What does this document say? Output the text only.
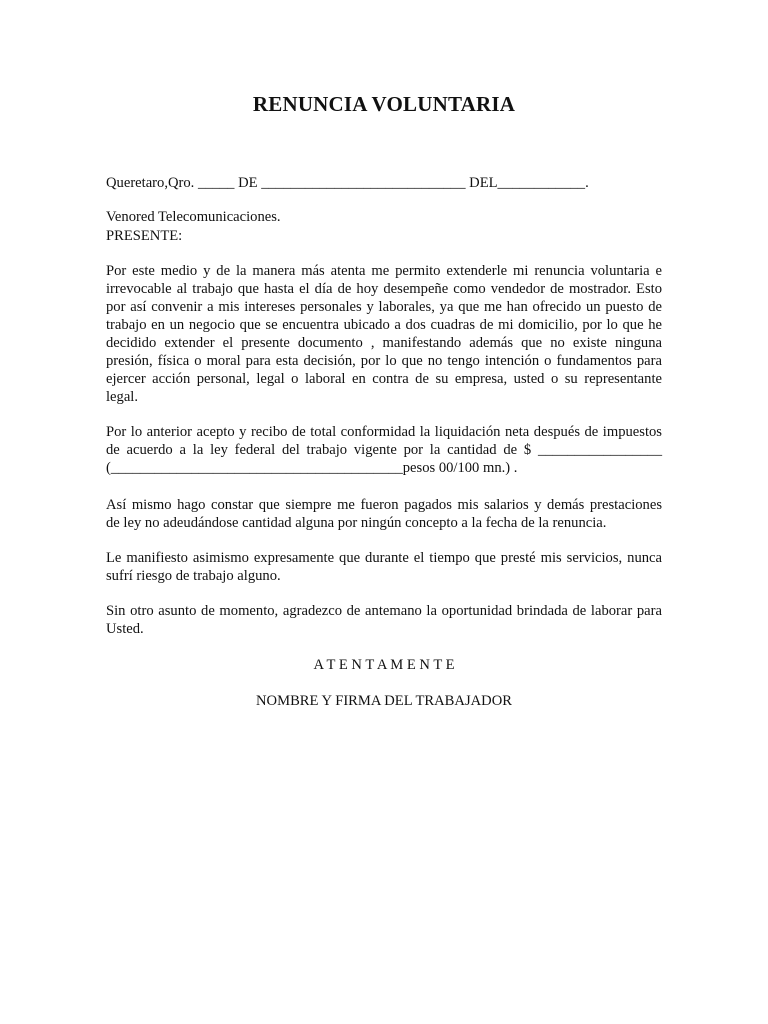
RENUNCIA VOLUNTARIA
Queretaro,Qro. _____ DE ____________________________ DEL____________.
Venored Telecomunicaciones.
PRESENTE:
Por este medio y de la manera más atenta me permito extenderle mi renuncia voluntaria e
irrevocable al trabajo que hasta el día de hoy desempeñe como vendedor de mostrador. Esto
por así convenir a mis intereses personales y laborales, ya que me han ofrecido un puesto de
trabajo en un negocio que se encuentra ubicado a dos cuadras de mi domicilio, por lo que he
decidido extender el presente documento , manifestando además que no existe ninguna
presión, física o moral para esta decisión, por lo que no tengo intención o fundamentos para
ejercer acción personal, legal o laboral en contra de su empresa, usted o su representante
legal.
Por lo anterior acepto y recibo de total conformidad la liquidación neta después de impuestos
de acuerdo a la ley federal del trabajo vigente por la cantidad de $ _________________
(________________________________________pesos 00/100 mn.) .
Así mismo hago constar que siempre me fueron pagados mis salarios y demás prestaciones
de ley no adeudándose cantidad alguna por ningún concepto a la fecha de la renuncia.
Le manifiesto asimismo expresamente que durante el tiempo que presté mis servicios, nunca
sufrí riesgo de trabajo alguno.
Sin otro asunto de momento, agradezco de antemano la oportunidad brindada de laborar para
Usted.
A T E N T A M E N T E
NOMBRE Y FIRMA DEL TRABAJADOR
